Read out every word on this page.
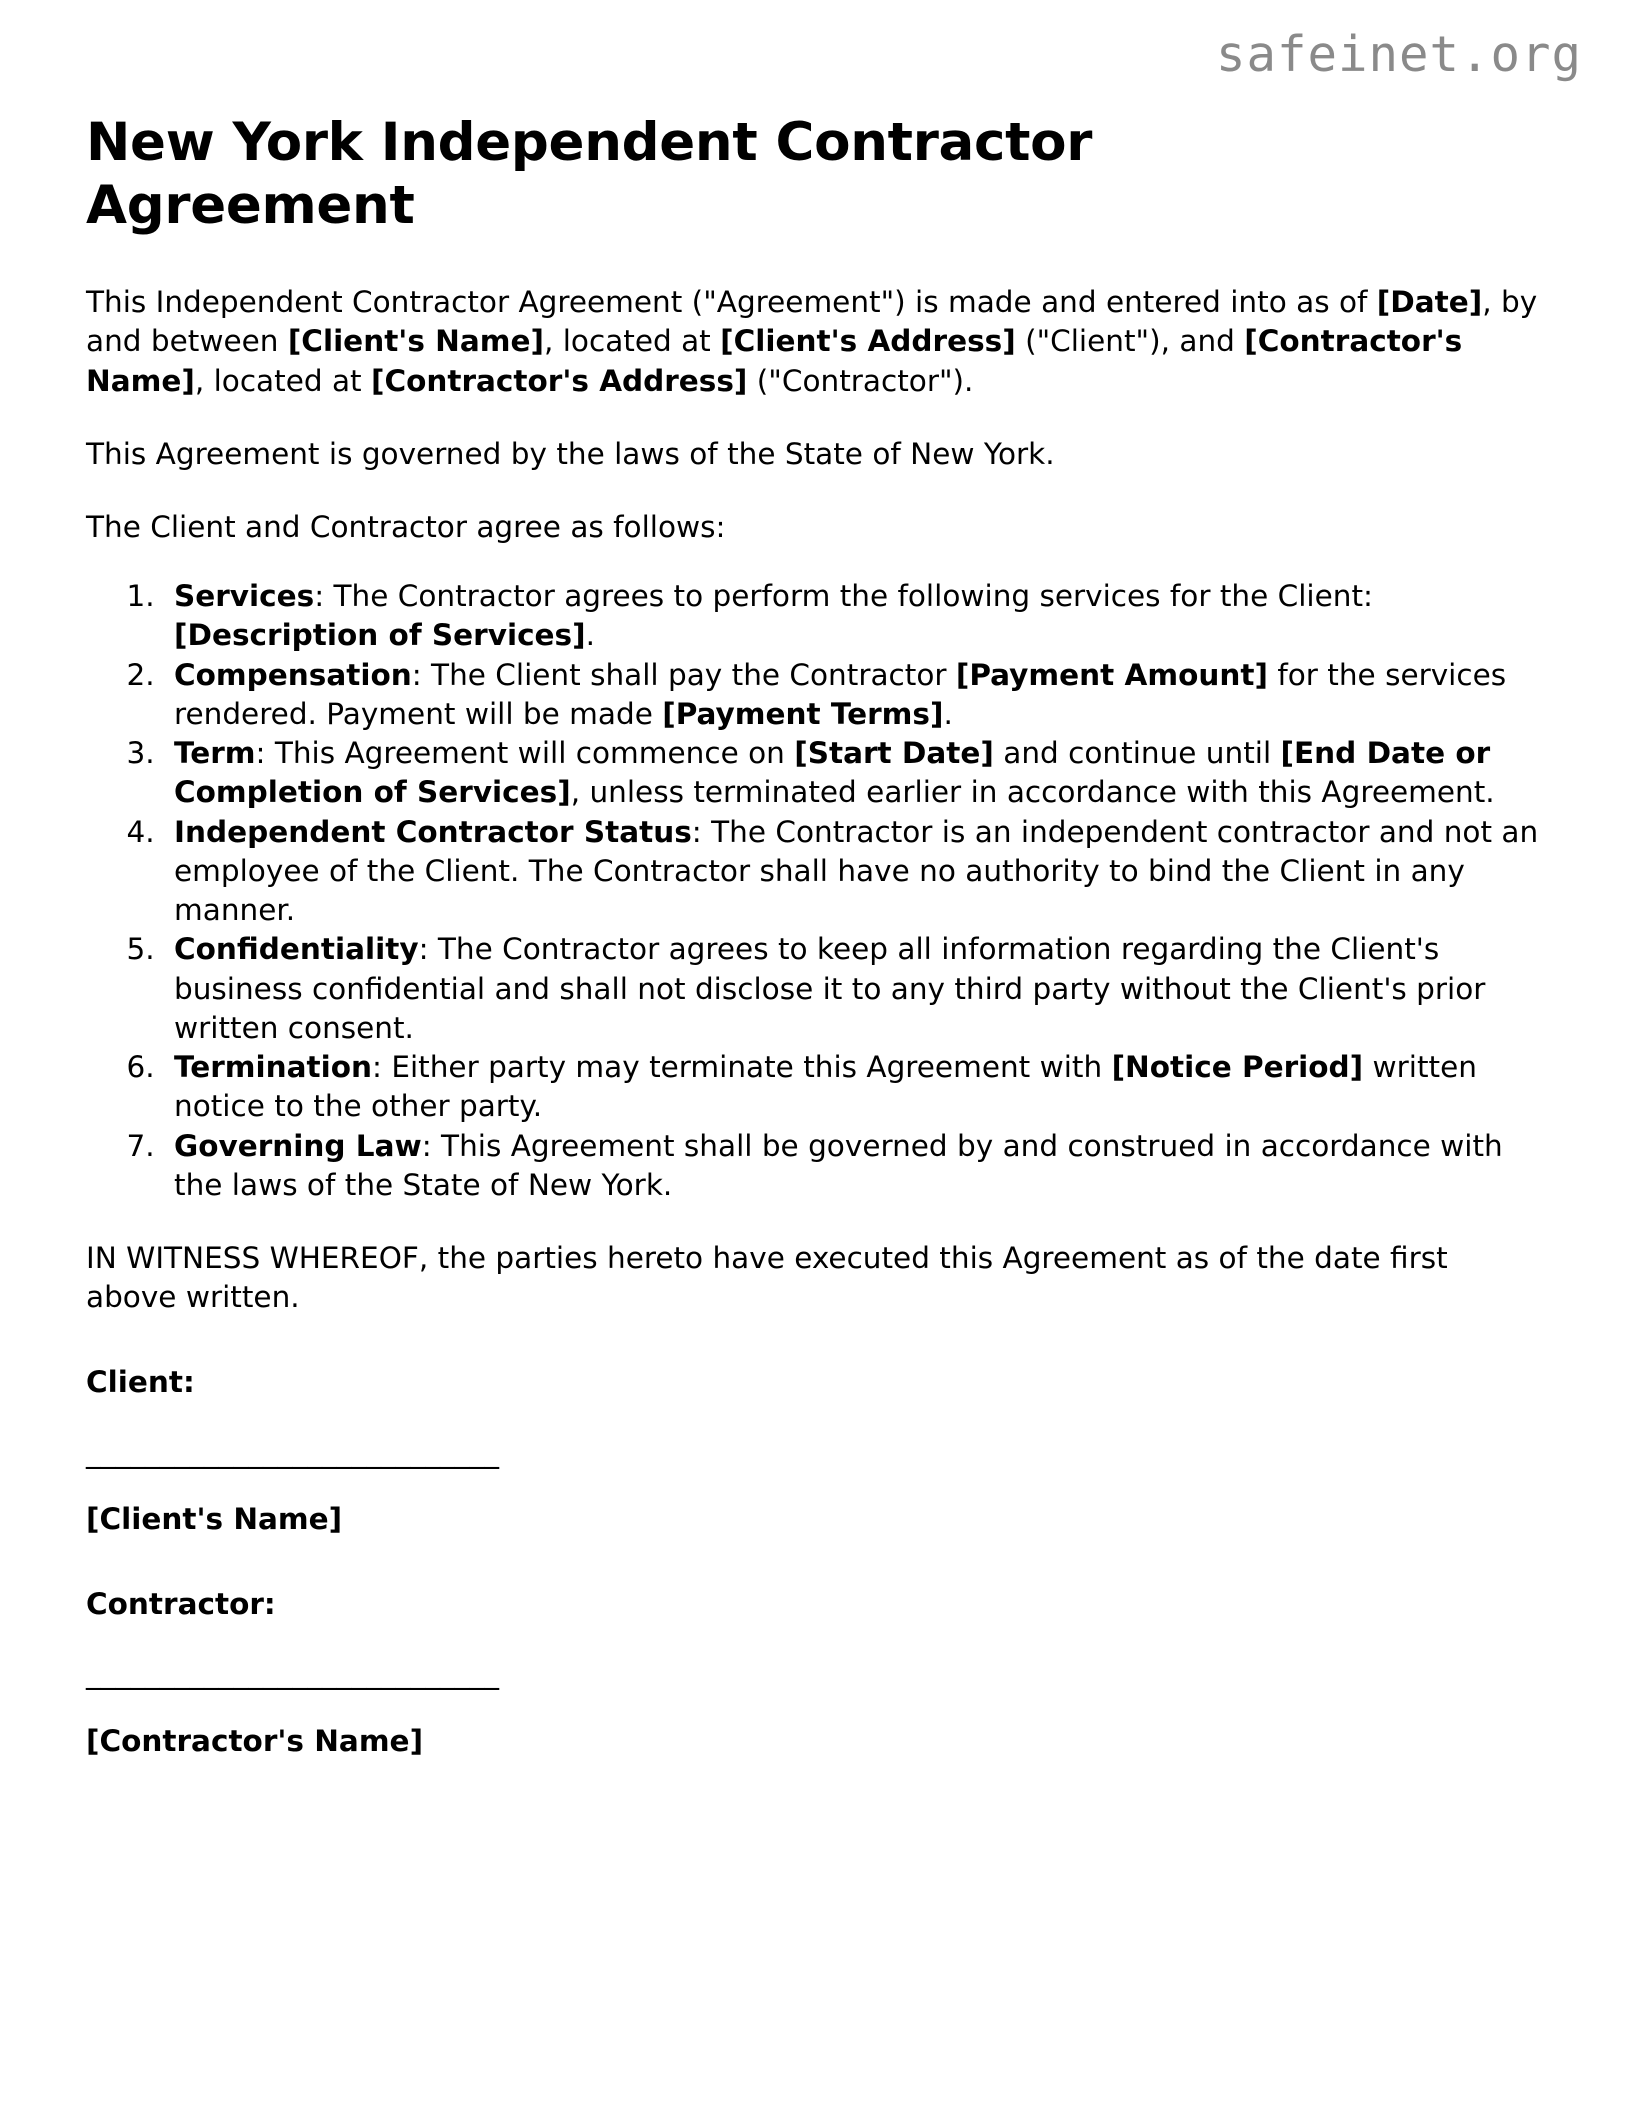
safeinet.org
New York Independent Contractor Agreement

This Independent Contractor Agreement ("Agreement") is made and entered into as of [Date], by and between [Client's Name], located at [Client's Address] ("Client"), and [Contractor's Name], located at [Contractor's Address] ("Contractor").

This Agreement is governed by the laws of the State of New York.

The Client and Contractor agree as follows:

1. Services: The Contractor agrees to perform the following services for the Client: [Description of Services].
2. Compensation: The Client shall pay the Contractor [Payment Amount] for the services rendered. Payment will be made [Payment Terms].
3. Term: This Agreement will commence on [Start Date] and continue until [End Date or Completion of Services], unless terminated earlier in accordance with this Agreement.
4. Independent Contractor Status: The Contractor is an independent contractor and not an employee of the Client. The Contractor shall have no authority to bind the Client in any manner.
5. Confidentiality: The Contractor agrees to keep all information regarding the Client's business confidential and shall not disclose it to any third party without the Client's prior written consent.
6. Termination: Either party may terminate this Agreement with [Notice Period] written notice to the other party.
7. Governing Law: This Agreement shall be governed by and construed in accordance with the laws of the State of New York.

IN WITNESS WHEREOF, the parties hereto have executed this Agreement as of the date first above written.

Client:

____________________________

[Client's Name]

Contractor:

____________________________

[Contractor's Name]
